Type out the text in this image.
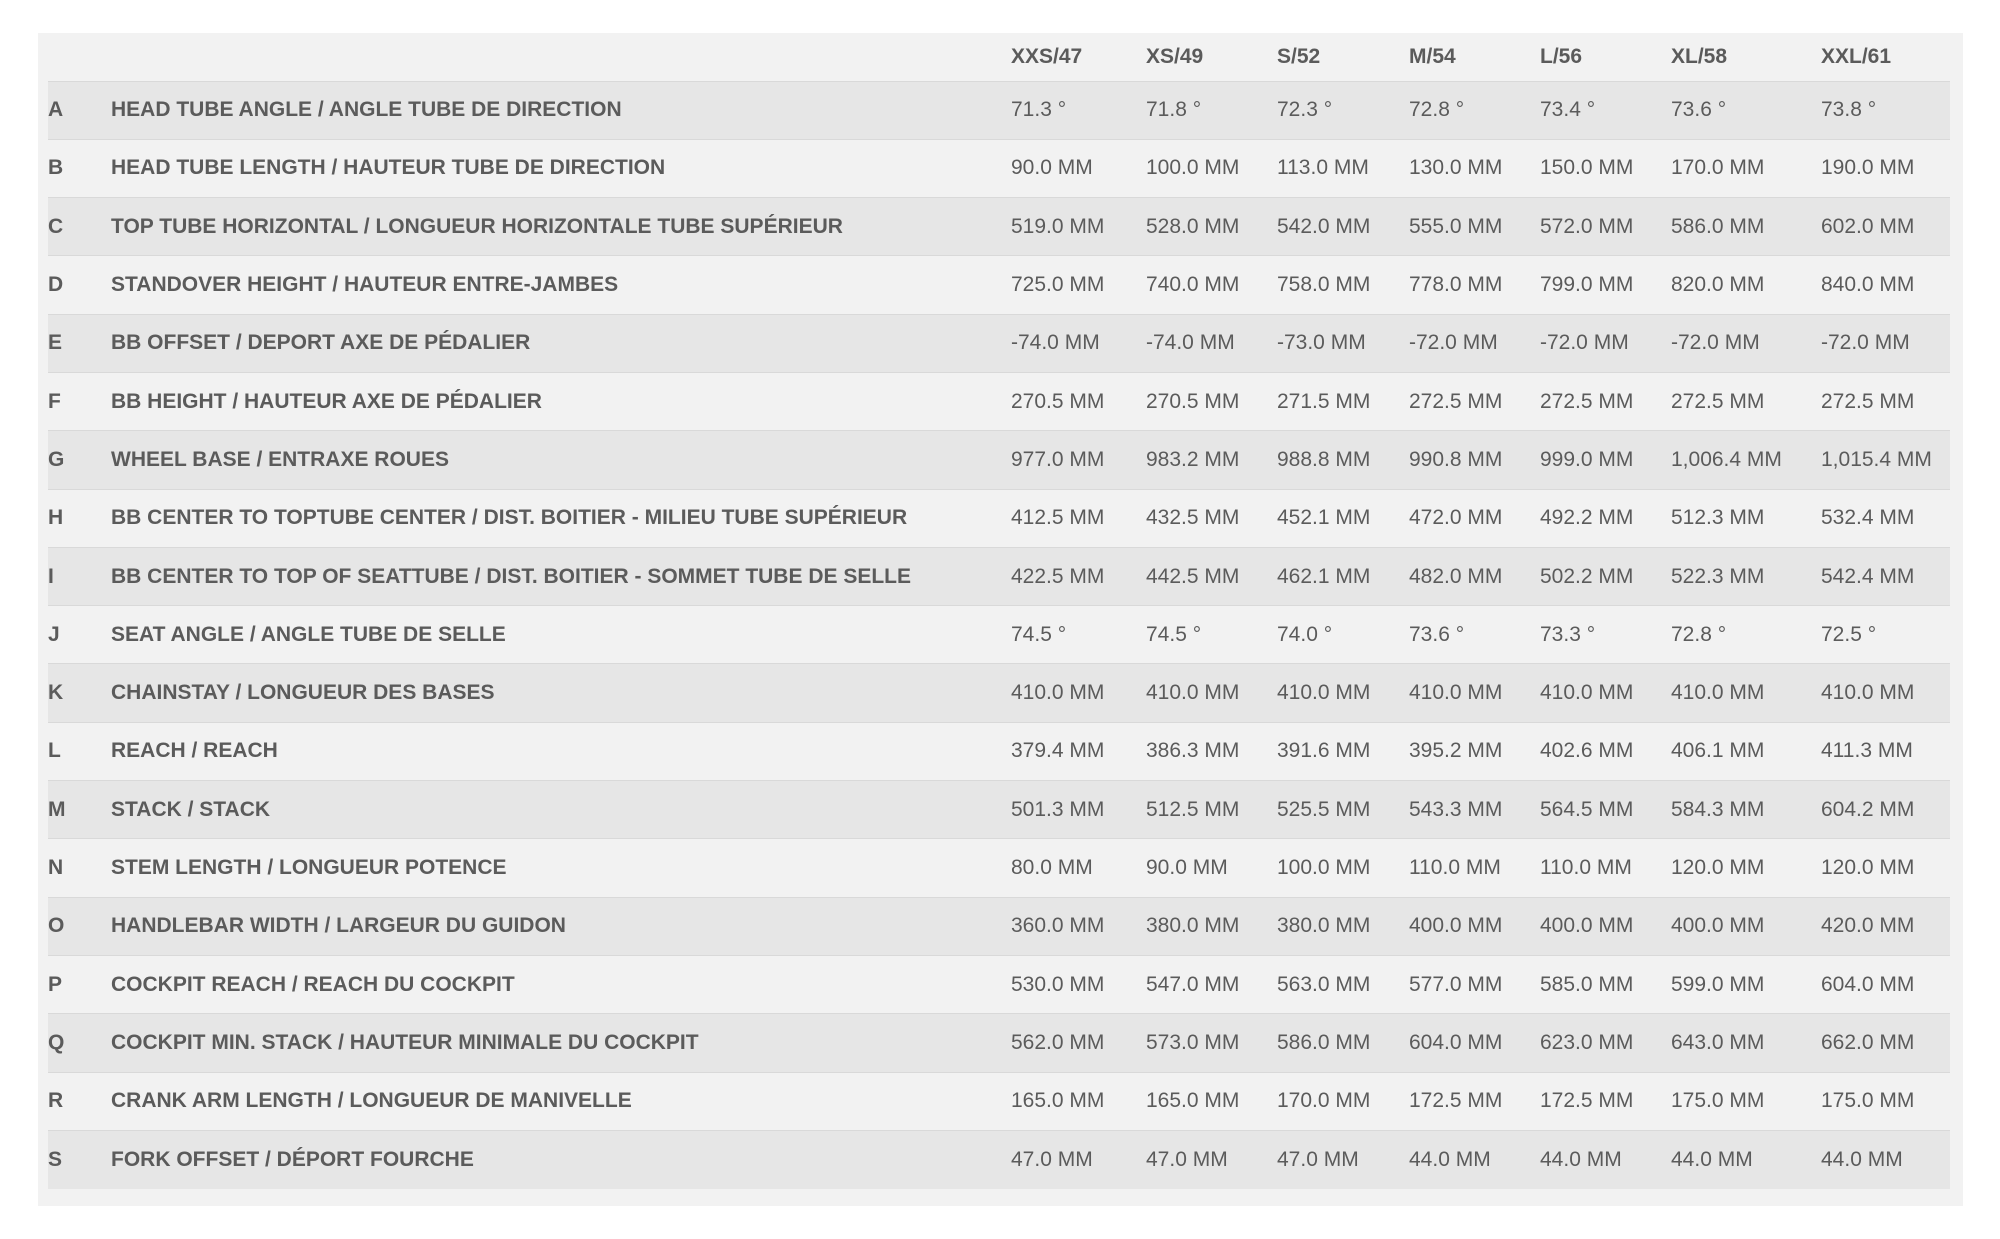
		XXS/47	XS/49	S/52	M/54	L/56	XL/58	XXL/61
A	HEAD TUBE ANGLE / ANGLE TUBE DE DIRECTION	71.3 °	71.8 °	72.3 °	72.8 °	73.4 °	73.6 °	73.8 °
B	HEAD TUBE LENGTH / HAUTEUR TUBE DE DIRECTION	90.0 MM	100.0 MM	113.0 MM	130.0 MM	150.0 MM	170.0 MM	190.0 MM
C	TOP TUBE HORIZONTAL / LONGUEUR HORIZONTALE TUBE SUPÉRIEUR	519.0 MM	528.0 MM	542.0 MM	555.0 MM	572.0 MM	586.0 MM	602.0 MM
D	STANDOVER HEIGHT / HAUTEUR ENTRE-JAMBES	725.0 MM	740.0 MM	758.0 MM	778.0 MM	799.0 MM	820.0 MM	840.0 MM
E	BB OFFSET / DEPORT AXE DE PÉDALIER	-74.0 MM	-74.0 MM	-73.0 MM	-72.0 MM	-72.0 MM	-72.0 MM	-72.0 MM
F	BB HEIGHT / HAUTEUR AXE DE PÉDALIER	270.5 MM	270.5 MM	271.5 MM	272.5 MM	272.5 MM	272.5 MM	272.5 MM
G	WHEEL BASE / ENTRAXE ROUES	977.0 MM	983.2 MM	988.8 MM	990.8 MM	999.0 MM	1,006.4 MM	1,015.4 MM
H	BB CENTER TO TOPTUBE CENTER / DIST. BOITIER - MILIEU TUBE SUPÉRIEUR	412.5 MM	432.5 MM	452.1 MM	472.0 MM	492.2 MM	512.3 MM	532.4 MM
I	BB CENTER TO TOP OF SEATTUBE / DIST. BOITIER - SOMMET TUBE DE SELLE	422.5 MM	442.5 MM	462.1 MM	482.0 MM	502.2 MM	522.3 MM	542.4 MM
J	SEAT ANGLE / ANGLE TUBE DE SELLE	74.5 °	74.5 °	74.0 °	73.6 °	73.3 °	72.8 °	72.5 °
K	CHAINSTAY / LONGUEUR DES BASES	410.0 MM	410.0 MM	410.0 MM	410.0 MM	410.0 MM	410.0 MM	410.0 MM
L	REACH / REACH	379.4 MM	386.3 MM	391.6 MM	395.2 MM	402.6 MM	406.1 MM	411.3 MM
M	STACK / STACK	501.3 MM	512.5 MM	525.5 MM	543.3 MM	564.5 MM	584.3 MM	604.2 MM
N	STEM LENGTH / LONGUEUR POTENCE	80.0 MM	90.0 MM	100.0 MM	110.0 MM	110.0 MM	120.0 MM	120.0 MM
O	HANDLEBAR WIDTH / LARGEUR DU GUIDON	360.0 MM	380.0 MM	380.0 MM	400.0 MM	400.0 MM	400.0 MM	420.0 MM
P	COCKPIT REACH / REACH DU COCKPIT	530.0 MM	547.0 MM	563.0 MM	577.0 MM	585.0 MM	599.0 MM	604.0 MM
Q	COCKPIT MIN. STACK / HAUTEUR MINIMALE DU COCKPIT	562.0 MM	573.0 MM	586.0 MM	604.0 MM	623.0 MM	643.0 MM	662.0 MM
R	CRANK ARM LENGTH / LONGUEUR DE MANIVELLE	165.0 MM	165.0 MM	170.0 MM	172.5 MM	172.5 MM	175.0 MM	175.0 MM
S	FORK OFFSET / DÉPORT FOURCHE	47.0 MM	47.0 MM	47.0 MM	44.0 MM	44.0 MM	44.0 MM	44.0 MM
